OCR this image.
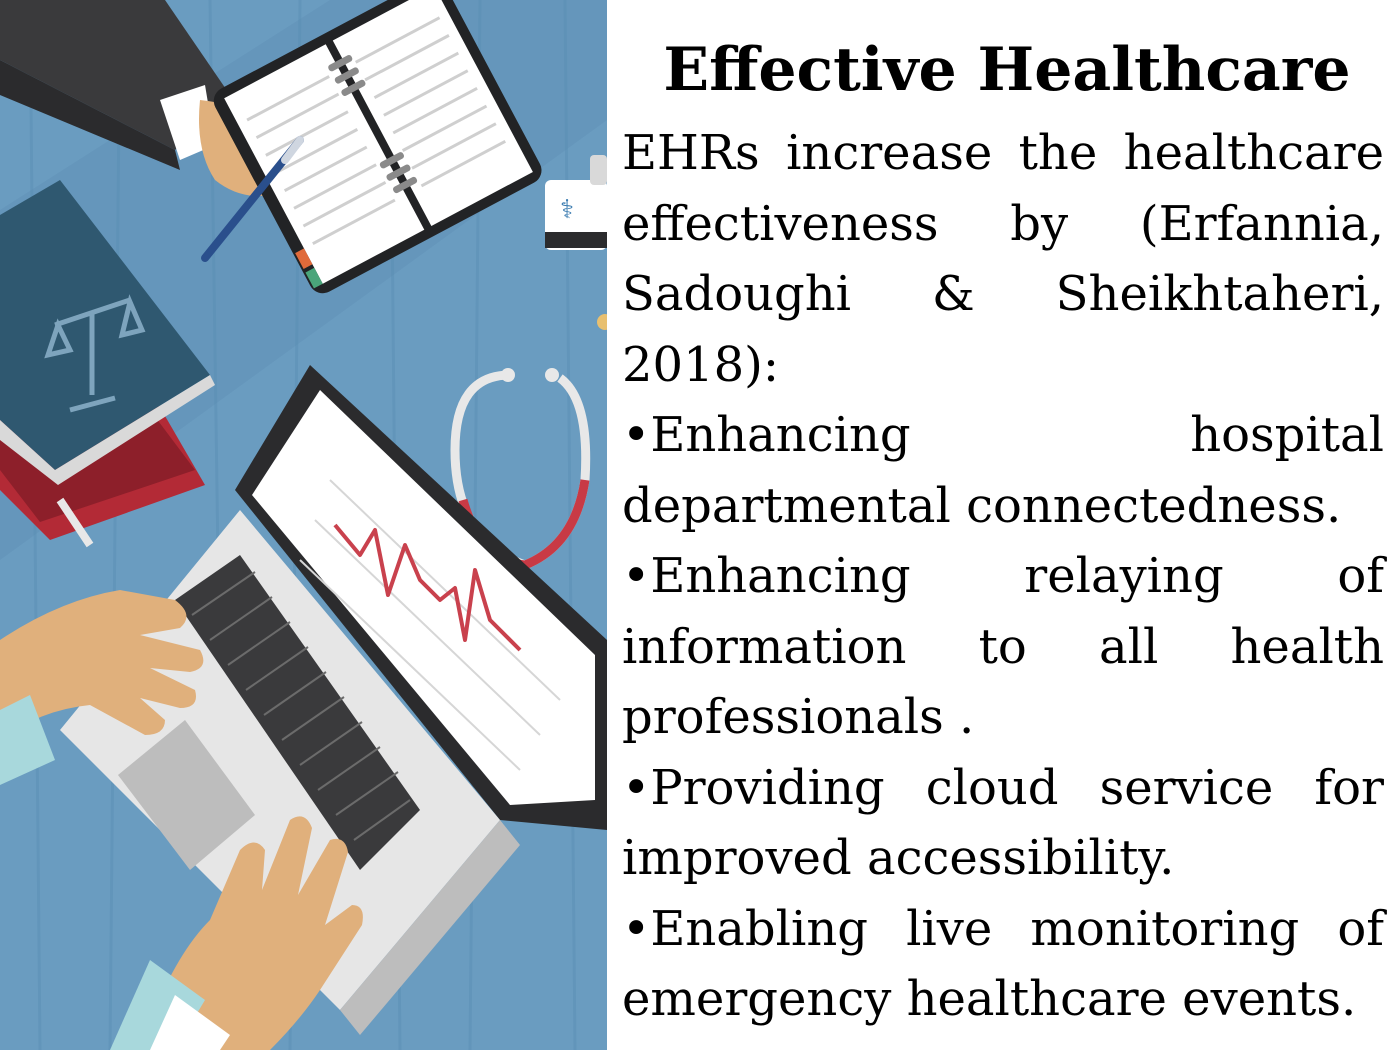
⚕
Effective Healthcare

EHRs increase the healthcare effectiveness by (Erfannia, Sadoughi & Sheikhtaheri, 2018):

•Enhancing hospital departmental connectedness.

•Enhancing relaying of information to all health professionals .

•Providing cloud service for improved accessibility.

•Enabling live monitoring of emergency healthcare events.
